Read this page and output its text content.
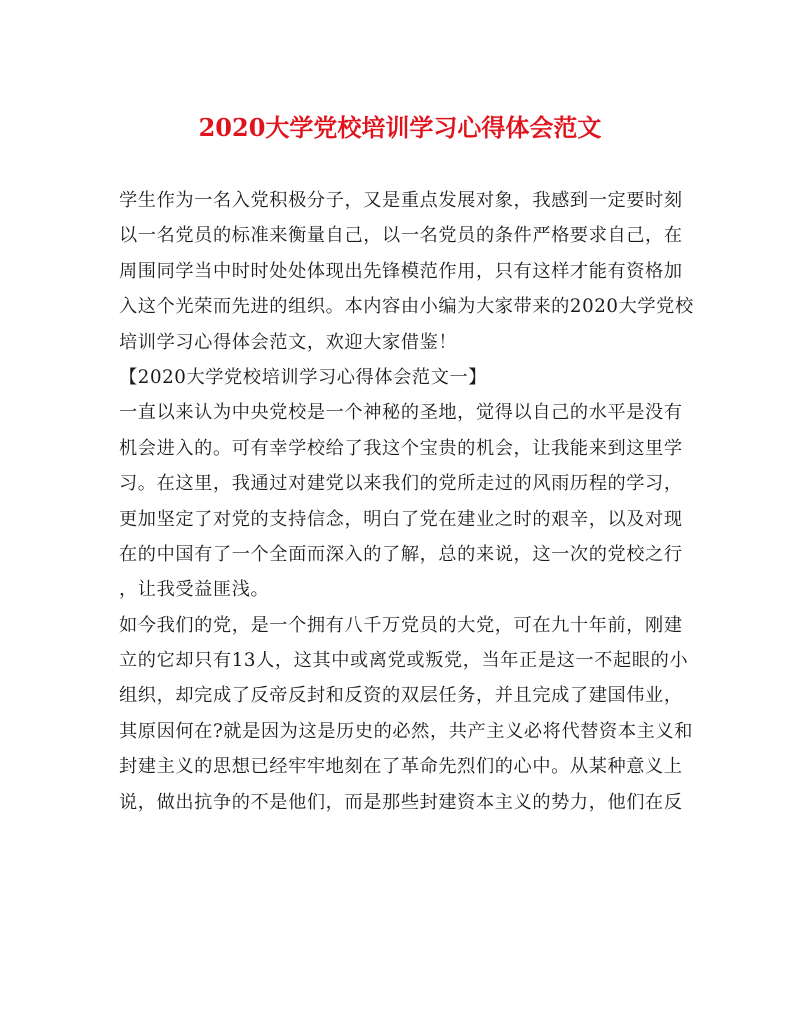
2020大学党校培训学习心得体会范文
学生作为一名入党积极分子，又是重点发展对象，我感到一定要时刻
以一名党员的标准来衡量自己，以一名党员的条件严格要求自己，在
周围同学当中时时处处体现出先锋模范作用，只有这样才能有资格加
入这个光荣而先进的组织。本内容由小编为大家带来的2020大学党校
培训学习心得体会范文，欢迎大家借鉴！
【2020大学党校培训学习心得体会范文一】
一直以来认为中央党校是一个神秘的圣地，觉得以自己的水平是没有
机会进入的。可有幸学校给了我这个宝贵的机会，让我能来到这里学
习。在这里，我通过对建党以来我们的党所走过的风雨历程的学习，
更加坚定了对党的支持信念，明白了党在建业之时的艰辛，以及对现
在的中国有了一个全面而深入的了解，总的来说，这一次的党校之行
，让我受益匪浅。
如今我们的党，是一个拥有八千万党员的大党，可在九十年前，刚建
立的它却只有13人，这其中或离党或叛党，当年正是这一不起眼的小
组织，却完成了反帝反封和反资的双层任务，并且完成了建国伟业，
其原因何在?就是因为这是历史的必然，共产主义必将代替资本主义和
封建主义的思想已经牢牢地刻在了革命先烈们的心中。从某种意义上
说，做出抗争的不是他们，而是那些封建资本主义的势力，他们在反
